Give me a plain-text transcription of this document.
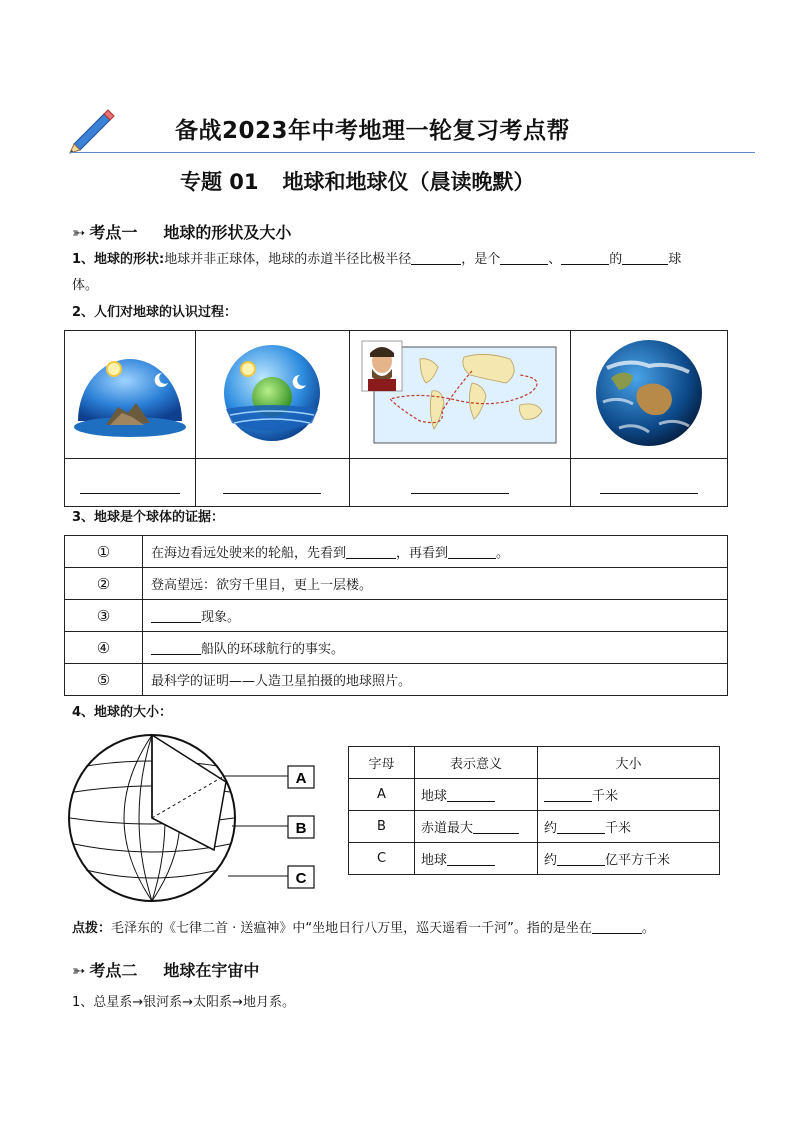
备战2023年中考地理一轮复习考点帮
专题 01 地球和地球仪（晨读晚默）
➳ 考点一 地球的形状及大小
1、地球的形状:地球并非正球体，地球的赤道半径比极半径	，是个	、	的	球
体。
2、人们对地球的认识过程：

3、地球是个球体的证据：
①	在海边看远处驶来的轮船，先看到 ，再看到 。
②	登高望远：欲穷千里目，更上一层楼。
③	现象。
④	船队的环球航行的事实。
⑤	最科学的证明——人造卫星拍摄的地球照片。
4、地球的大小：
A
B
C
字母	表示意义	大小
A	地球	千米
B	赤道最大	约 千米
C	地球	约 亿平方千米
点拨：毛泽东的《七律二首 · 送瘟神》中“坐地日行八万里，巡天遥看一千河”。指的是坐在	。
➳ 考点二 地球在宇宙中
1、总星系→银河系→太阳系→地月系。
